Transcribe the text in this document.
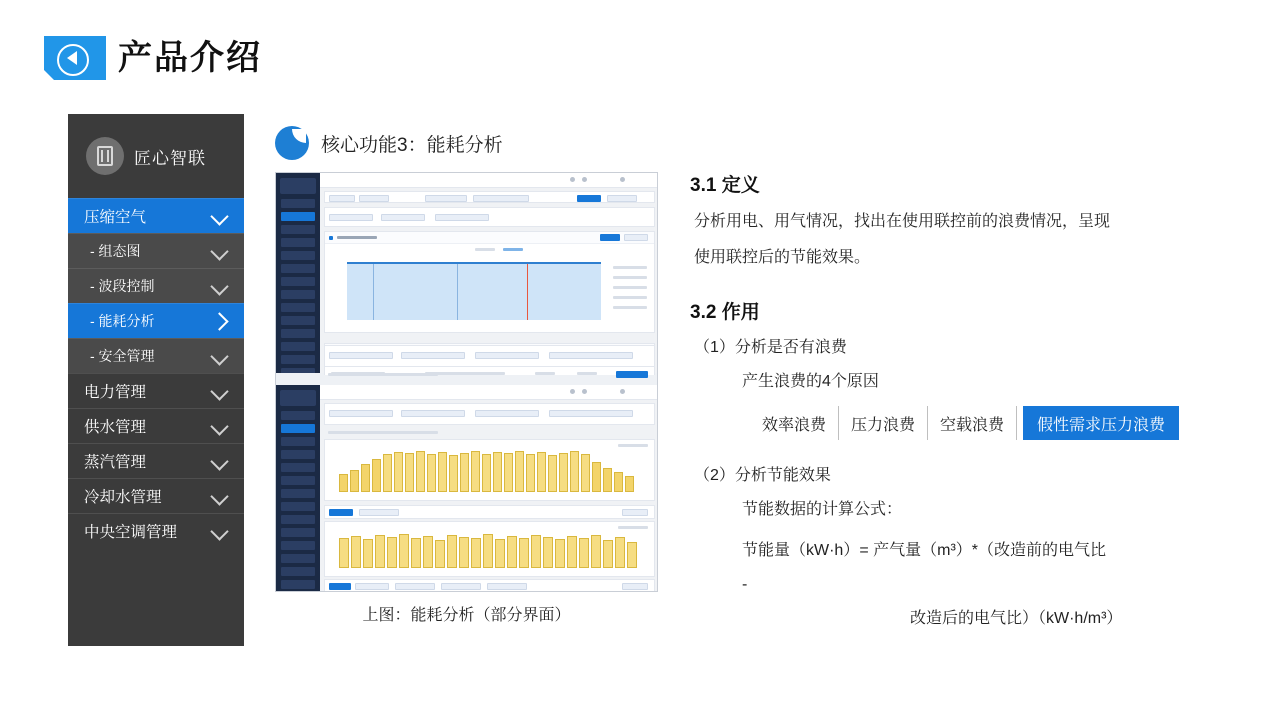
产品介绍
匠心智联
压缩空气
- 组态图
- 波段控制
- 能耗分析
- 安全管理
电力管理
供水管理
蒸汽管理
冷却水管理
中央空调管理
核心功能3：能耗分析
上图：能耗分析（部分界面）
3.1 定义
分析用电、用气情况，找出在使用联控前的浪费情况，呈现
使用联控后的节能效果。
3.2 作用
（1）分析是否有浪费
产生浪费的4个原因
效率浪费	压力浪费	空载浪费	假性需求压力浪费
（2）分析节能效果
节能数据的计算公式：
节能量（kW·h）= 产气量（m³）*（改造前的电气比
-
改造后的电气比）（kW·h/m³）
